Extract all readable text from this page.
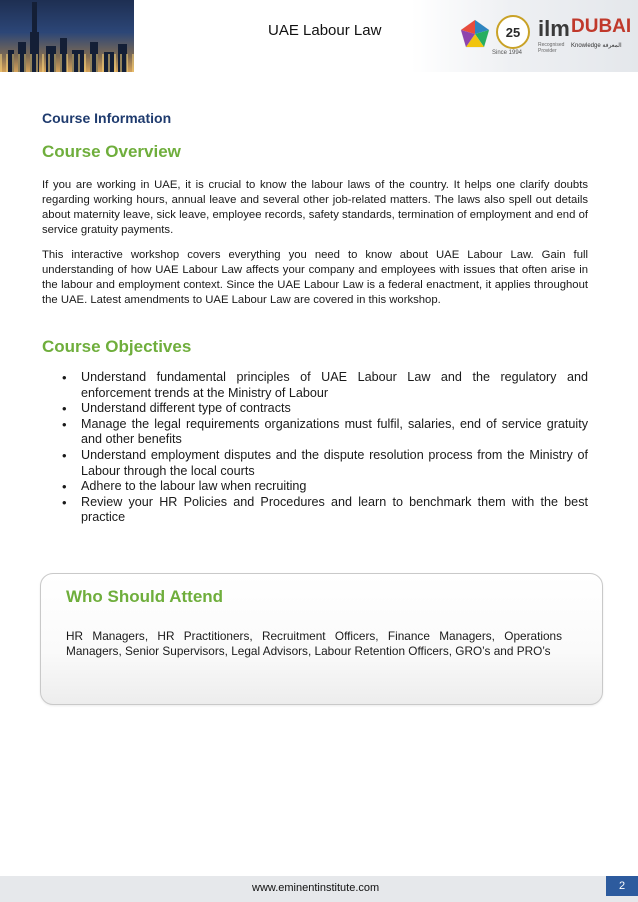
UAE Labour Law	25
Since 1994
ilm
Recognised Provider
DUBAI
Knowledge المعرفة
Course Information
Course Overview

If you are working in UAE, it is crucial to know the labour laws of the country. It helps one clarify doubts regarding working hours, annual leave and several other job-related matters. The laws also spell out details about maternity leave, sick leave, employee records, safety standards, termination of employment and end of service gratuity payments.

This interactive workshop covers everything you need to know about UAE Labour Law. Gain full understanding of how UAE Labour Law affects your company and employees with issues that often arise in the labour and employment context. Since the UAE Labour Law is a federal enactment, it applies throughout the UAE. Latest amendments to UAE Labour Law are covered in this workshop.

Course Objectives
• Understand fundamental principles of UAE Labour Law and the regulatory and enforcement trends at the Ministry of Labour
• Understand different type of contracts
• Manage the legal requirements organizations must fulfil, salaries, end of service gratuity and other benefits
• Understand employment disputes and the dispute resolution process from the Ministry of Labour through the local courts
• Adhere to the labour law when recruiting
• Review your HR Policies and Procedures and learn to benchmark them with the best practice
Who Should Attend

HR Managers, HR Practitioners, Recruitment Officers, Finance Managers, Operations Managers, Senior Supervisors, Legal Advisors, Labour Retention Officers, GRO’s and PRO’s

www.eminentinstitute.com	2
